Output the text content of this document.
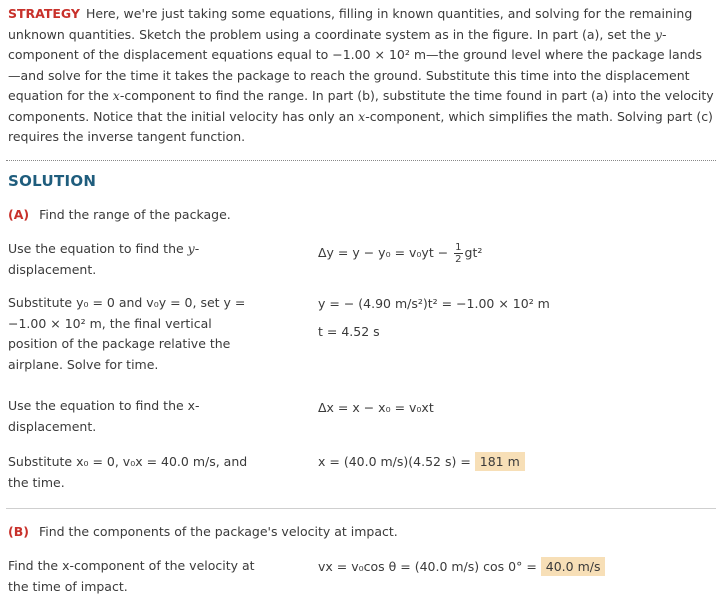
STRATEGY Here, we're just taking some equations, filling in known quantities, and solving for the remaining unknown quantities. Sketch the problem using a coordinate system as in the figure. In part (a), set the y-component of the displacement equations equal to −1.00 × 10² m—the ground level where the package lands—and solve for the time it takes the package to reach the ground. Substitute this time into the displacement equation for the x-component to find the range. In part (b), substitute the time found in part (a) into the velocity components. Notice that the initial velocity has only an x-component, which simplifies the math. Solving part (c) requires the inverse tangent function.
SOLUTION
(A) Find the range of the package.
Use the equation to find the y-displacement.
$\Delta y = y - y_0 = v_0yt - \frac{1}{2} gt^2$
Substitute y₀ = 0 and v₀y = 0, set y = −1.00 × 10² m, the final vertical position of the package relative the airplane. Solve for time.
y = − (4.90 m/s²)t² = −1.00 × 10² m
t = 4.52 s
Use the equation to find the x-displacement.
Δx = x − x₀ = v₀xt
Substitute x₀ = 0, v₀x = 40.0 m/s, and the time.
x = (40.0 m/s)(4.52 s) = 181 m
(B) Find the components of the package's velocity at impact.
Find the x-component of the velocity at the time of impact.
vx = v₀cos θ = (40.0 m/s) cos 0° = 40.0 m/s
